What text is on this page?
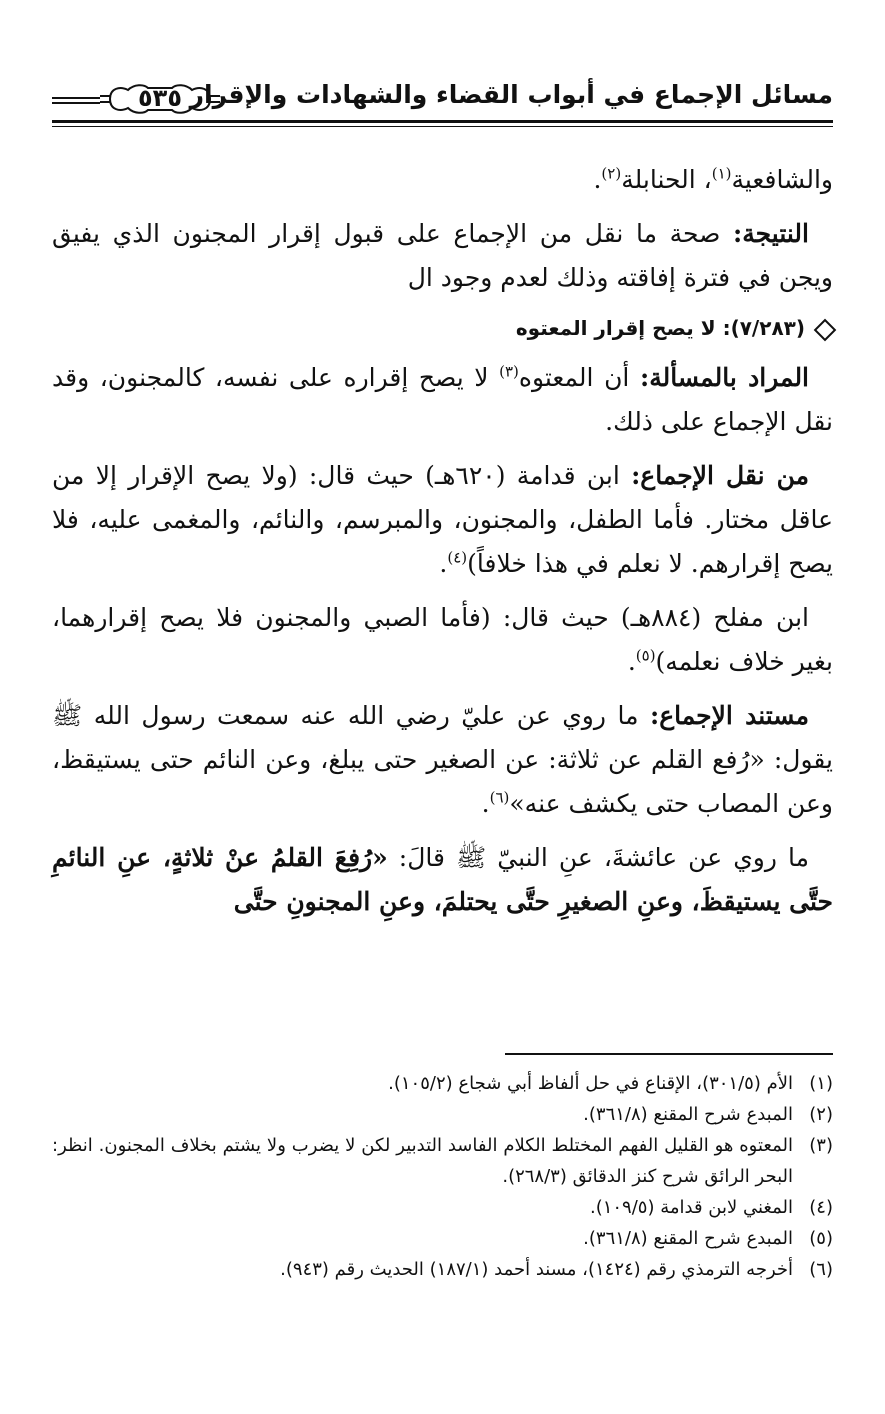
مسائل الإجماع في أبواب القضاء والشهادات والإقرار
٥٣٥

والشافعية$^{(١)}$، الحنابلة$^{(٢)}$.

النتيجة: صحة ما نقل من الإجماع على قبول إقرار المجنون الذي يفيق ويجن في فترة إفاقته وذلك لعدم وجود ال

(٧/٢٨٣): لا يصح إقرار المعتوه

المراد بالمسألة: أن المعتوه$^{(٣)}$ لا يصح إقراره على نفسه، كالمجنون، وقد نقل الإجماع على ذلك.

من نقل الإجماع: ابن قدامة (٦٢٠هـ) حيث قال: (ولا يصح الإقرار إلا من عاقل مختار. فأما الطفل، والمجنون، والمبرسم، والنائم، والمغمى عليه، فلا يصح إقرارهم. لا نعلم في هذا خلافاً)$^{(٤)}$.

ابن مفلح (٨٨٤هـ) حيث قال: (فأما الصبي والمجنون فلا يصح إقرارهما، بغير خلاف نعلمه)$^{(٥)}$.

مستند الإجماع: ما روي عن عليّ رضي الله عنه سمعت رسول الله ﷺ يقول: «رُفع القلم عن ثلاثة: عن الصغير حتى يبلغ، وعن النائم حتى يستيقظ، وعن المصاب حتى يكشف عنه»$^{(٦)}$.

ما روي عن عائشةَ، عنِ النبيّ ﷺ قالَ: «رُفِعَ القلمُ عنْ ثلاثةٍ، عنِ النائمِ حتَّى يستيقظَ، وعنِ الصغيرِ حتَّى يحتلمَ، وعنِ المجنونِ حتَّى

(١)
الأم (٣٠١/٥)، الإقناع في حل ألفاظ أبي شجاع (١٠٥/٢).
(٢)
المبدع شرح المقنع (٣٦١/٨).
(٣)
المعتوه هو القليل الفهم المختلط الكلام الفاسد التدبير لكن لا يضرب ولا يشتم بخلاف المجنون. انظر: البحر الرائق شرح كنز الدقائق (٢٦٨/٣).
(٤)
المغني لابن قدامة (١٠٩/٥).
(٥)
المبدع شرح المقنع (٣٦١/٨).
(٦)
أخرجه الترمذي رقم (١٤٢٤)، مسند أحمد (١٨٧/١) الحديث رقم (٩٤٣).
